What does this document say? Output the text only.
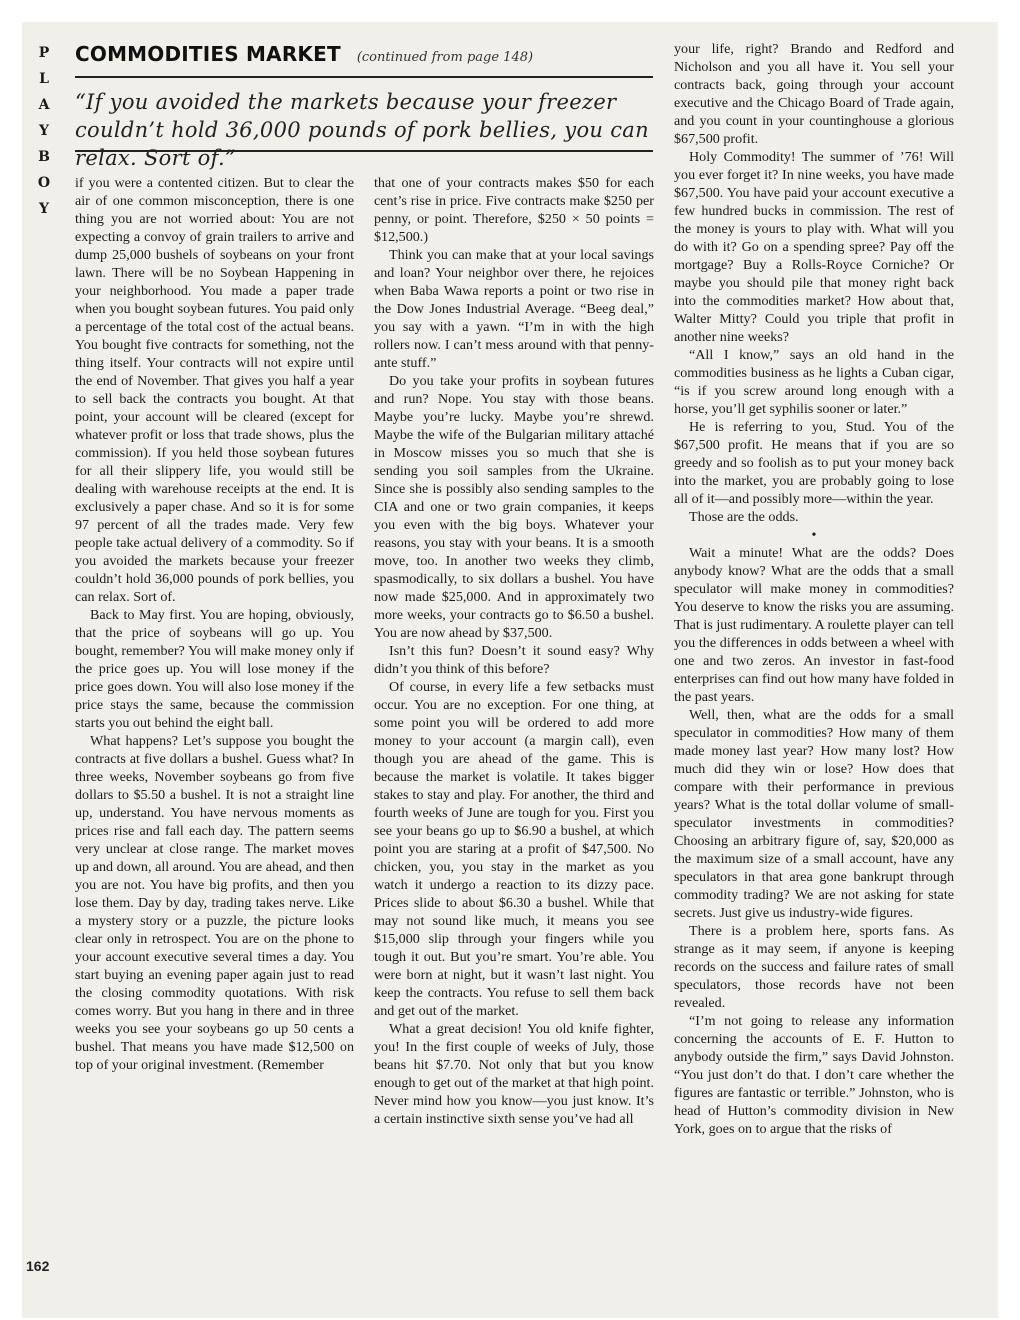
P
L
A
Y
B
O
Y
COMMODITIES MARKET (continued from page 148)
“If you avoided the markets because your freezer couldn’t hold 36,000 pounds of pork bellies, you can relax. Sort of.”

if you were a contented citizen. But to clear the air of one common misconception, there is one thing you are not worried about: You are not expecting a convoy of grain trailers to arrive and dump 25,000 bushels of soybeans on your front lawn. There will be no Soybean Happening in your neighborhood. You made a paper trade when you bought soybean futures. You paid only a percentage of the total cost of the actual beans. You bought five contracts for something, not the thing itself. Your contracts will not expire until the end of November. That gives you half a year to sell back the contracts you bought. At that point, your account will be cleared (except for whatever profit or loss that trade shows, plus the commission). If you held those soybean futures for all their slippery life, you would still be dealing with warehouse receipts at the end. It is exclusively a paper chase. And so it is for some 97 percent of all the trades made. Very few people take actual delivery of a commodity. So if you avoided the markets because your freezer couldn’t hold 36,000 pounds of pork bellies, you can relax. Sort of.

Back to May first. You are hoping, obviously, that the price of soybeans will go up. You bought, remember? You will make money only if the price goes up. You will lose money if the price goes down. You will also lose money if the price stays the same, because the commission starts you out behind the eight ball.

What happens? Let’s suppose you bought the contracts at five dollars a bushel. Guess what? In three weeks, November soybeans go from five dollars to $5.50 a bushel. It is not a straight line up, understand. You have nervous moments as prices rise and fall each day. The pattern seems very unclear at close range. The market moves up and down, all around. You are ahead, and then you are not. You have big profits, and then you lose them. Day by day, trading takes nerve. Like a mystery story or a puzzle, the picture looks clear only in retrospect. You are on the phone to your account executive several times a day. You start buying an evening paper again just to read the closing commodity quotations. With risk comes worry. But you hang in there and in three weeks you see your soybeans go up 50 cents a bushel. That means you have made $12,500 on top of your original investment. (Remember

that one of your contracts makes $50 for each cent’s rise in price. Five contracts make $250 per penny, or point. Therefore, $250 × 50 points = $12,500.)

Think you can make that at your local savings and loan? Your neighbor over there, he rejoices when Baba Wawa reports a point or two rise in the Dow Jones Industrial Average. “Beeg deal,” you say with a yawn. “I’m in with the high rollers now. I can’t mess around with that penny-ante stuff.”

Do you take your profits in soybean futures and run? Nope. You stay with those beans. Maybe you’re lucky. Maybe you’re shrewd. Maybe the wife of the Bulgarian military attaché in Moscow misses you so much that she is sending you soil samples from the Ukraine. Since she is possibly also sending samples to the CIA and one or two grain companies, it keeps you even with the big boys. Whatever your reasons, you stay with your beans. It is a smooth move, too. In another two weeks they climb, spasmodically, to six dollars a bushel. You have now made $25,000. And in approximately two more weeks, your contracts go to $6.50 a bushel. You are now ahead by $37,500.

Isn’t this fun? Doesn’t it sound easy? Why didn’t you think of this before?

Of course, in every life a few setbacks must occur. You are no exception. For one thing, at some point you will be ordered to add more money to your account (a margin call), even though you are ahead of the game. This is because the market is volatile. It takes bigger stakes to stay and play. For another, the third and fourth weeks of June are tough for you. First you see your beans go up to $6.90 a bushel, at which point you are staring at a profit of $47,500. No chicken, you, you stay in the market as you watch it undergo a reaction to its dizzy pace. Prices slide to about $6.30 a bushel. While that may not sound like much, it means you see $15,000 slip through your fingers while you tough it out. But you’re smart. You’re able. You were born at night, but it wasn’t last night. You keep the contracts. You refuse to sell them back and get out of the market.

What a great decision! You old knife fighter, you! In the first couple of weeks of July, those beans hit $7.70. Not only that but you know enough to get out of the market at that high point. Never mind how you know—you just know. It’s a certain instinctive sixth sense you’ve had all

your life, right? Brando and Redford and Nicholson and you all have it. You sell your contracts back, going through your account executive and the Chicago Board of Trade again, and you count in your countinghouse a glorious $67,500 profit.

Holy Commodity! The summer of ’76! Will you ever forget it? In nine weeks, you have made $67,500. You have paid your account executive a few hundred bucks in commission. The rest of the money is yours to play with. What will you do with it? Go on a spending spree? Pay off the mortgage? Buy a Rolls-Royce Corniche? Or maybe you should pile that money right back into the commodities market? How about that, Walter Mitty? Could you triple that profit in another nine weeks?

“All I know,” says an old hand in the commodities business as he lights a Cuban cigar, “is if you screw around long enough with a horse, you’ll get syphilis sooner or later.”

He is referring to you, Stud. You of the $67,500 profit. He means that if you are so greedy and so foolish as to put your money back into the market, you are probably going to lose all of it—and possibly more—within the year.

Those are the odds.

•

Wait a minute! What are the odds? Does anybody know? What are the odds that a small speculator will make money in commodities? You deserve to know the risks you are assuming. That is just rudimentary. A roulette player can tell you the differences in odds between a wheel with one and two zeros. An investor in fast-food enterprises can find out how many have folded in the past years.

Well, then, what are the odds for a small speculator in commodities? How many of them made money last year? How many lost? How much did they win or lose? How does that compare with their performance in previous years? What is the total dollar volume of small-speculator investments in commodities? Choosing an arbitrary figure of, say, $20,000 as the maximum size of a small account, have any speculators in that area gone bankrupt through commodity trading? We are not asking for state secrets. Just give us industry-wide figures.

There is a problem here, sports fans. As strange as it may seem, if anyone is keeping records on the success and failure rates of small speculators, those records have not been revealed.

“I’m not going to release any information concerning the accounts of E. F. Hutton to anybody outside the firm,” says David Johnston. “You just don’t do that. I don’t care whether the figures are fantastic or terrible.” Johnston, who is head of Hutton’s commodity division in New York, goes on to argue that the risks of

162
